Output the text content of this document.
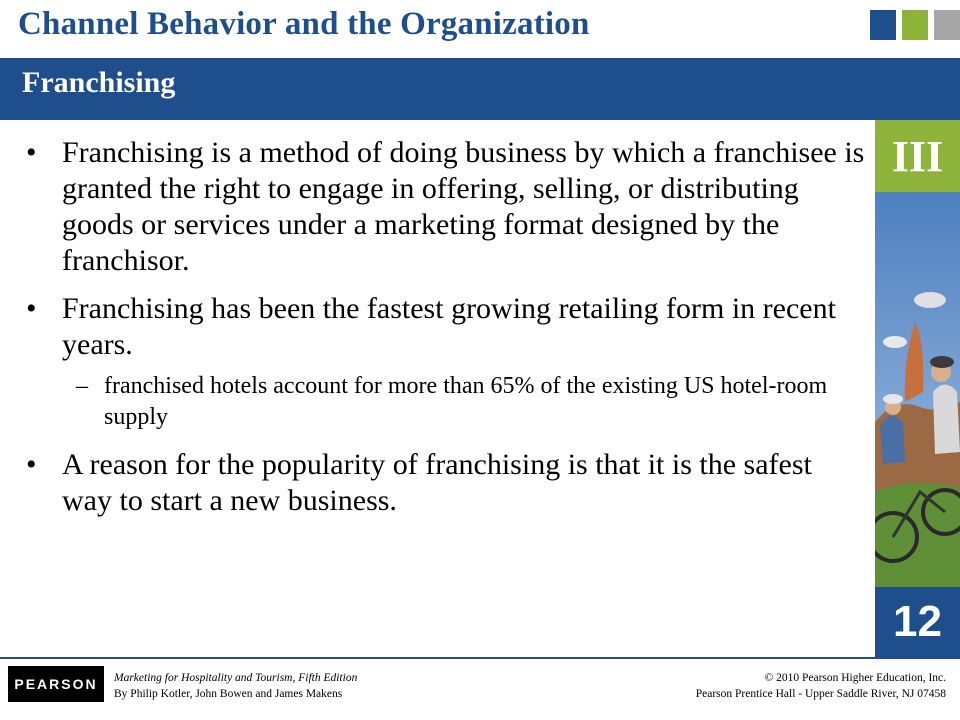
Channel Behavior and the Organization
Franchising
III
12
• Franchising is a method of doing business by which a franchisee is granted the right to engage in offering, selling, or distributing goods or services under a marketing format designed by the franchisor.
• Franchising has been the fastest growing retailing form in recent years.
– franchised hotels account for more than 65% of the existing US hotel-room supply
• A reason for the popularity of franchising is that it is the safest way to start a new business.
PEARSON Marketing for Hospitality and Tourism, Fifth Edition
By Philip Kotler, John Bowen and James Makens
© 2010 Pearson Higher Education, Inc.
Pearson Prentice Hall - Upper Saddle River, NJ 07458
